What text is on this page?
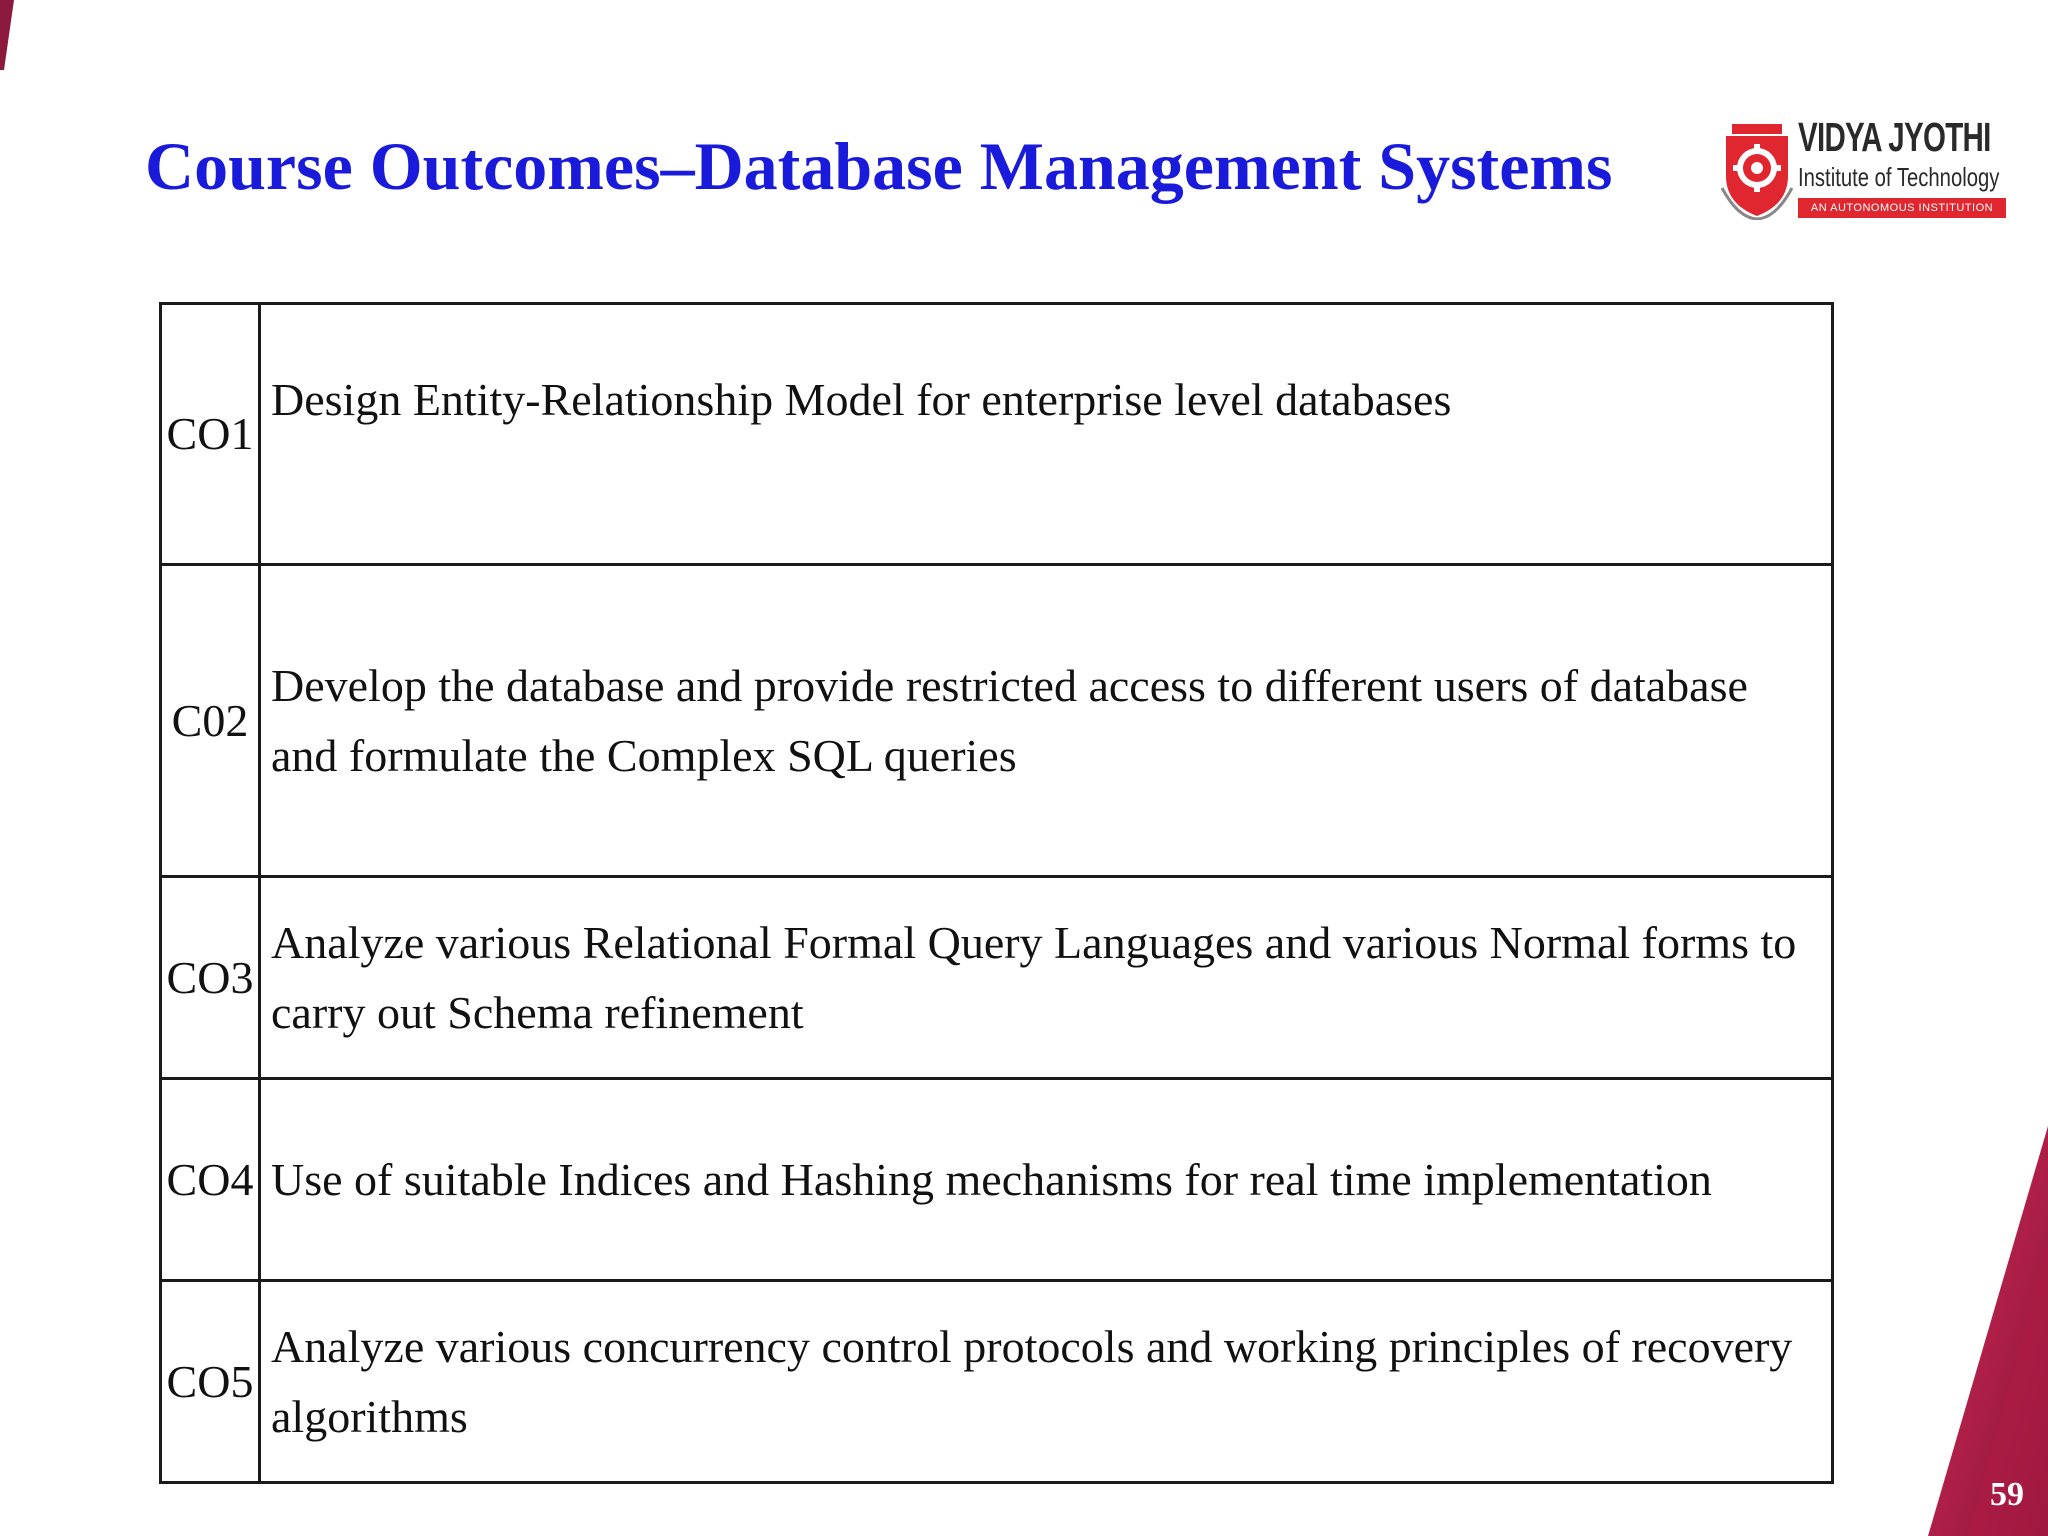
Course Outcomes–Database Management Systems	VIDYA JYOTHI
Institute of Technology
AN AUTONOMOUS INSTITUTION
CO1	Design Entity-Relationship Model for enterprise level databases
C02	Develop the database and provide restricted access to different users of database and formulate the Complex SQL queries
CO3	Analyze various Relational Formal Query Languages and various Normal forms to carry out Schema refinement
CO4	Use of suitable Indices and Hashing mechanisms for real time implementation
CO5	Analyze various concurrency control protocols and working principles of recovery algorithms
59
